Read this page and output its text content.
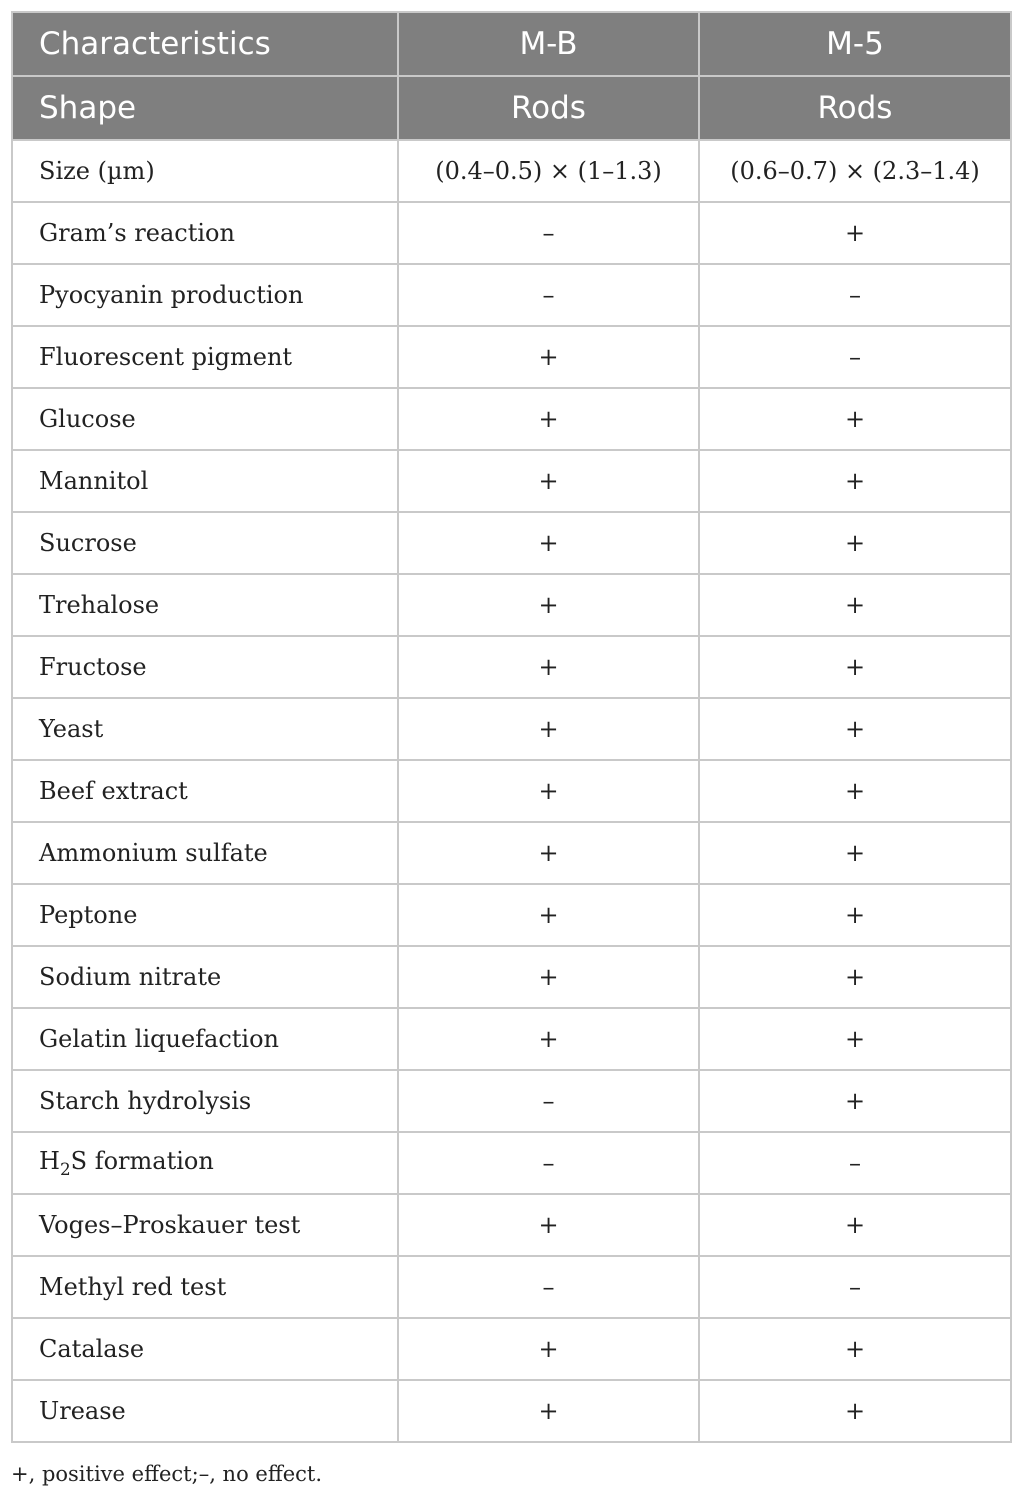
Characteristics	M-B	M-5
Shape	Rods	Rods
Size (µm)	(0.4–0.5) × (1–1.3)	(0.6–0.7) × (2.3–1.4)
Gram’s reaction	–	+
Pyocyanin production	–	–
Fluorescent pigment	+	–
Glucose	+	+
Mannitol	+	+
Sucrose	+	+
Trehalose	+	+
Fructose	+	+
Yeast	+	+
Beef extract	+	+
Ammonium sulfate	+	+
Peptone	+	+
Sodium nitrate	+	+
Gelatin liquefaction	+	+
Starch hydrolysis	–	+
$H_2S$ formation	–	–
Voges–Proskauer test	+	+
Methyl red test	–	–
Catalase	+	+
Urease	+	+
+, positive effect;–, no effect.
